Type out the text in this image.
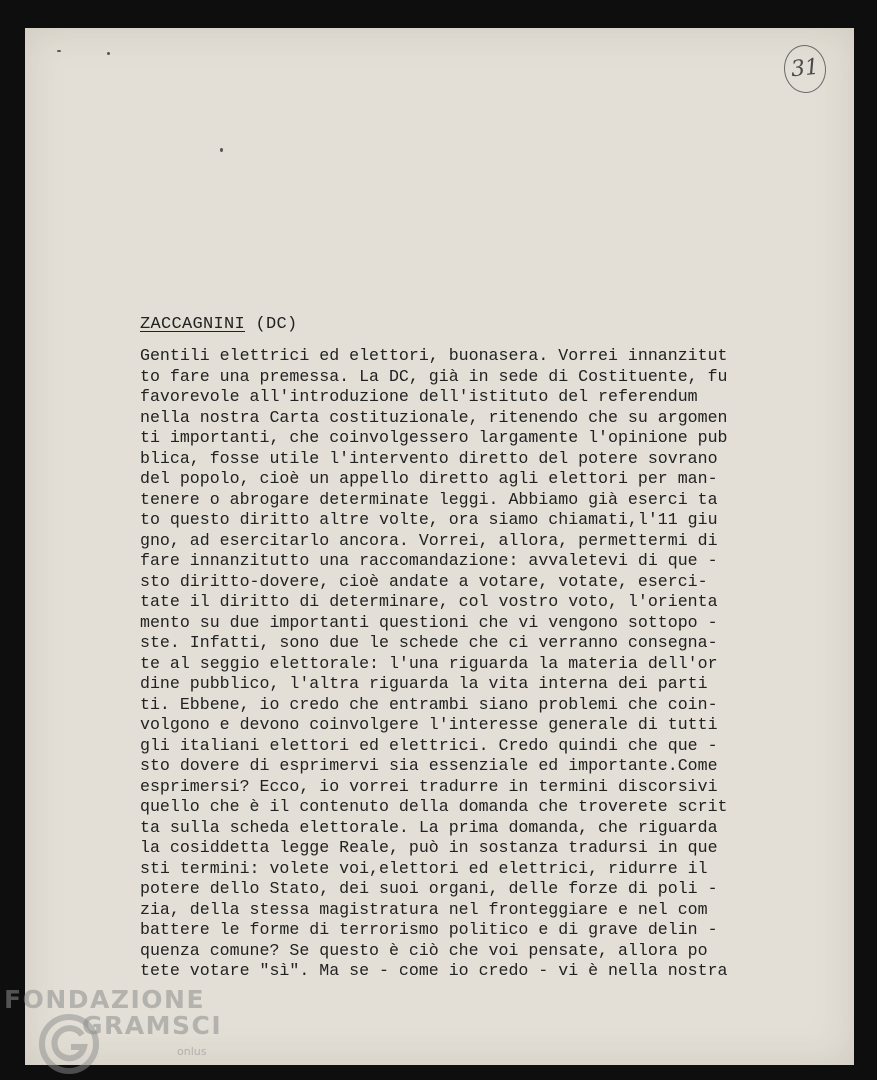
31
ZACCAGNINI (DC)
Gentili elettrici ed elettori, buonasera. Vorrei innanzitut
to fare una premessa. La DC, già in sede di Costituente, fu
favorevole all'introduzione dell'istituto del referendum
nella nostra Carta costituzionale, ritenendo che su argomen
ti importanti, che coinvolgessero largamente l'opinione pub
blica, fosse utile l'intervento diretto del potere sovrano
del popolo, cioè un appello diretto agli elettori per man-
tenere o abrogare determinate leggi. Abbiamo già eserci ta
to questo diritto altre volte, ora siamo chiamati,l'11 giu
gno, ad esercitarlo ancora. Vorrei, allora, permettermi di
fare innanzitutto una raccomandazione: avvaletevi di que -
sto diritto-dovere, cioè andate a votare, votate, eserci-
tate il diritto di determinare, col vostro voto, l'orienta
mento su due importanti questioni che vi vengono sottopo -
ste. Infatti, sono due le schede che ci verranno consegna-
te al seggio elettorale: l'una riguarda la materia dell'or
dine pubblico, l'altra riguarda la vita interna dei parti
ti. Ebbene, io credo che entrambi siano problemi che coin-
volgono e devono coinvolgere l'interesse generale di tutti
gli italiani elettori ed elettrici. Credo quindi che que -
sto dovere di esprimervi sia essenziale ed importante.Come
esprimersi? Ecco, io vorrei tradurre in termini discorsivi
quello che è il contenuto della domanda che troverete scrit
ta sulla scheda elettorale. La prima domanda, che riguarda
la cosiddetta legge Reale, può in sostanza tradursi in que
sti termini: volete voi,elettori ed elettrici, ridurre il
potere dello Stato, dei suoi organi, delle forze di poli -
zia, della stessa magistratura nel fronteggiare e nel com
battere le forme di terrorismo politico e di grave delin -
quenza comune? Se questo è ciò che voi pensate, allora po
tete votare "sì". Ma se - come io credo - vi è nella nostra
FONDAZIONE
GRAMSCI
onlus
